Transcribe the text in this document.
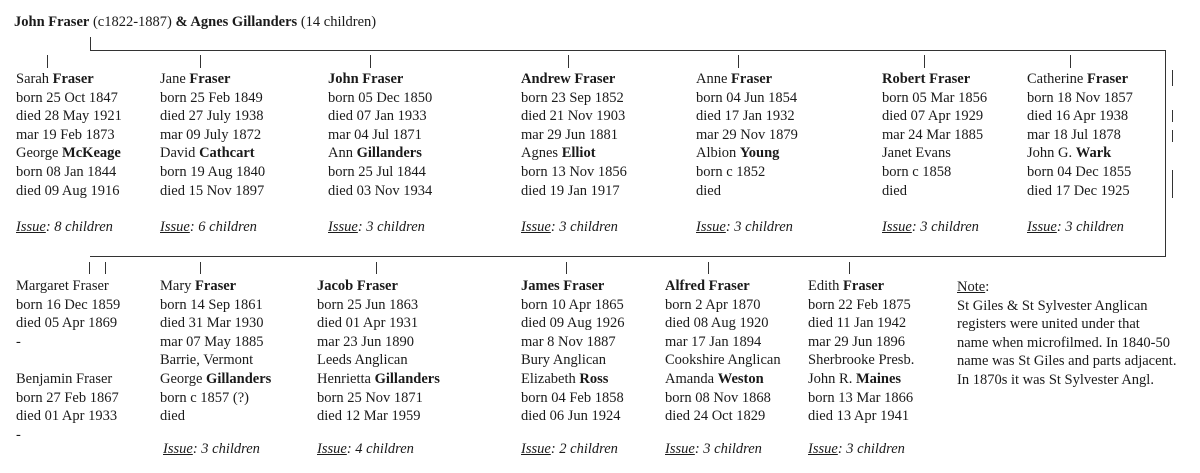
John Fraser (c1822-1887) & Agnes Gillanders (14 children)
Sarah Fraser
born 25 Oct 1847
died 28 May 1921
mar 19 Feb 1873
George McKeage
born 08 Jan 1844
died 09 Aug 1916
Issue: 8 children
Jane Fraser
born 25 Feb 1849
died 27 July 1938
mar 09 July 1872
David Cathcart
born 19 Aug 1840
died 15 Nov 1897
Issue: 6 children
John Fraser
born 05 Dec 1850
died 07 Jan 1933
mar 04 Jul 1871
Ann Gillanders
born 25 Jul 1844
died 03 Nov 1934
Issue: 3 children
Andrew Fraser
born 23 Sep 1852
died 21 Nov 1903
mar 29 Jun 1881
Agnes Elliot
born 13 Nov 1856
died 19 Jan 1917
Issue: 3 children
Anne Fraser
born 04 Jun 1854
died 17 Jan 1932
mar 29 Nov 1879
Albion Young
born c 1852
died
Issue: 3 children
Robert Fraser
born 05 Mar 1856
died 07 Apr 1929
mar 24 Mar 1885
Janet Evans
born c 1858
died
Issue: 3 children
Catherine Fraser
born 18 Nov 1857
died 16 Apr 1938
mar 18 Jul 1878
John G. Wark
born 04 Dec 1855
died 17 Dec 1925
Issue: 3 children
Margaret Fraser
born 16 Dec 1859
died 05 Apr 1869
-
Benjamin Fraser
born 27 Feb 1867
died 01 Apr 1933
-
Mary Fraser
born 14 Sep 1861
died 31 Mar 1930
mar 07 May 1885
Barrie, Vermont
George Gillanders
born c 1857 (?)
died
Issue: 3 children
Jacob Fraser
born 25 Jun 1863
died 01 Apr 1931
mar 23 Jun 1890
Leeds Anglican
Henrietta Gillanders
born 25 Nov 1871
died 12 Mar 1959
Issue: 4 children
James Fraser
born 10 Apr 1865
died 09 Aug 1926
mar 8 Nov 1887
Bury Anglican
Elizabeth Ross
born 04 Feb 1858
died 06 Jun 1924
Issue: 2 children
Alfred Fraser
born 2 Apr 1870
died 08 Aug 1920
mar 17 Jan 1894
Cookshire Anglican
Amanda Weston
born 08 Nov 1868
died 24 Oct 1829
Issue: 3 children
Edith Fraser
born 22 Feb 1875
died 11 Jan 1942
mar 29 Jun 1896
Sherbrooke Presb.
John R. Maines
born 13 Mar 1866
died 13 Apr 1941
Issue: 3 children
Note:
St Giles & St Sylvester Anglican
registers were united under that
name when microfilmed. In 1840-50
name was St Giles and parts adjacent.
In 1870s it was St Sylvester Angl.
